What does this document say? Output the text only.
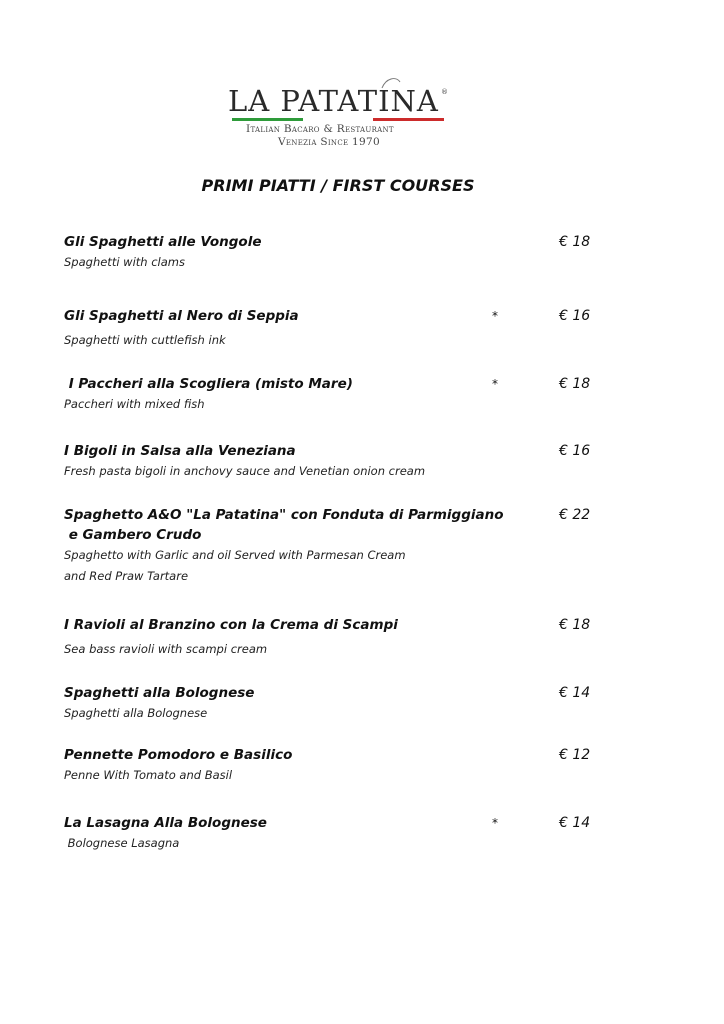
LA PATATINA ®
Italian Bacaro & Restaurant
Venezia Since 1970
PRIMI PIATTI / FIRST COURSES
Gli Spaghetti alle Vongole
Spaghetti with clams
€ 18
Gli Spaghetti al Nero di Seppia
Spaghetti with cuttlefish ink
*	€ 16
I Paccheri alla Scogliera (misto Mare)
Paccheri with mixed fish
*	€ 18
I Bigoli in Salsa alla Veneziana
Fresh pasta bigoli in anchovy sauce and Venetian onion cream
€ 16
Spaghetto A&O "La Patatina" con Fonduta di Parmiggiano
e Gambero Crudo
Spaghetto with Garlic and oil Served with Parmesan Cream
and Red Praw Tartare
€ 22
I Ravioli al Branzino con la Crema di Scampi
Sea bass ravioli with scampi cream
€ 18
Spaghetti alla Bolognese
Spaghetti alla Bolognese
€ 14
Pennette Pomodoro e Basilico
Penne With Tomato and Basil
€ 12
La Lasagna Alla Bolognese
Bolognese Lasagna
*	€ 14
